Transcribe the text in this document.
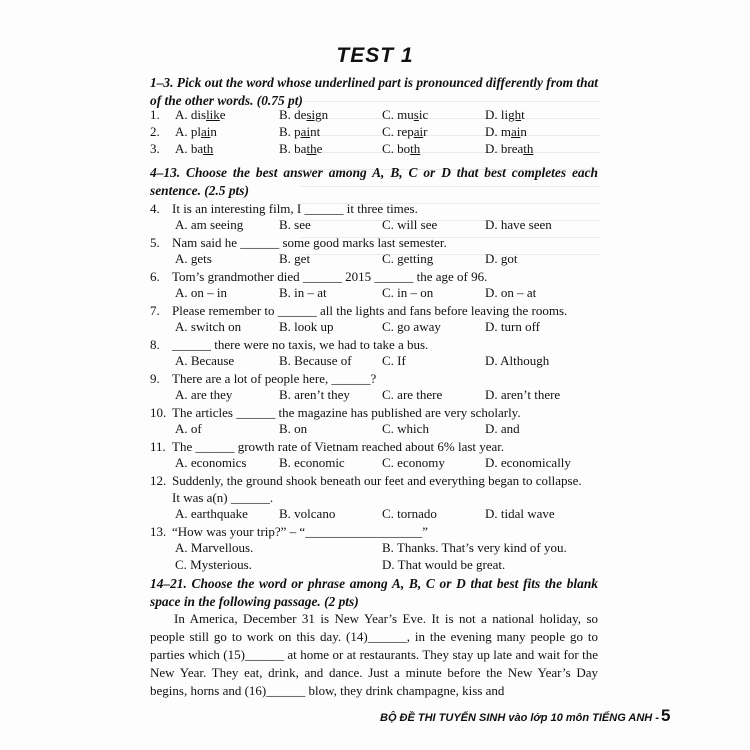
TEST 1
1–3. Pick out the word whose underlined part is pronounced differently from that of the other words. (0.75 pt)
1. A. dislike	B. design	C. music	D. light
2. A. plain	B. paint	C. repair	D. main
3. A. bath	B. bathe	C. both	D. breath
4–13. Choose the best answer among A, B, C or D that best completes each sentence. (2.5 pts)
4. It is an interesting film, I ______ it three times.
A. am seeing	B. see	C. will see	D. have seen
5. Nam said he ______ some good marks last semester.
A. gets	B. get	C. getting	D. got
6. Tom’s grandmother died ______ 2015 ______ the age of 96.
A. on – in	B. in – at	C. in – on	D. on – at
7. Please remember to ______ all the lights and fans before leaving the rooms.
A. switch on	B. look up	C. go away	D. turn off
8. ______ there were no taxis, we had to take a bus.
A. Because	B. Because of C. If	D. Although
9. There are a lot of people here, ______?
A. are they	B. aren’t they C. are there	D. aren’t there
10. The articles ______ the magazine has published are very scholarly.
A. of	B. on	C. which	D. and
11. The ______ growth rate of Vietnam reached about 6% last year.
A. economics	B. economic	C. economy	D. economically
12. Suddenly, the ground shook beneath our feet and everything began to collapse.
It was a(n) ______.
A. earthquake B. volcano	C. tornado	D. tidal wave
13. “How was your trip?” – “__________________”
A. Marvellous.	B. Thanks. That’s very kind of you.
C. Mysterious.	D. That would be great.
14–21. Choose the word or phrase among A, B, C or D that best fits the blank space in the following passage. (2 pts)
In America, December 31 is New Year’s Eve. It is not a national holiday, so people still go to work on this day. (14)______, in the evening many people go to parties which (15)______ at home or at restaurants. They stay up late and wait for the New Year. They eat, drink, and dance. Just a minute before the New Year’s Day begins, horns and (16)______ blow, they drink champagne, kiss and
BỘ ĐỀ THI TUYỂN SINH vào lớp 10 môn TIẾNG ANH - 5
